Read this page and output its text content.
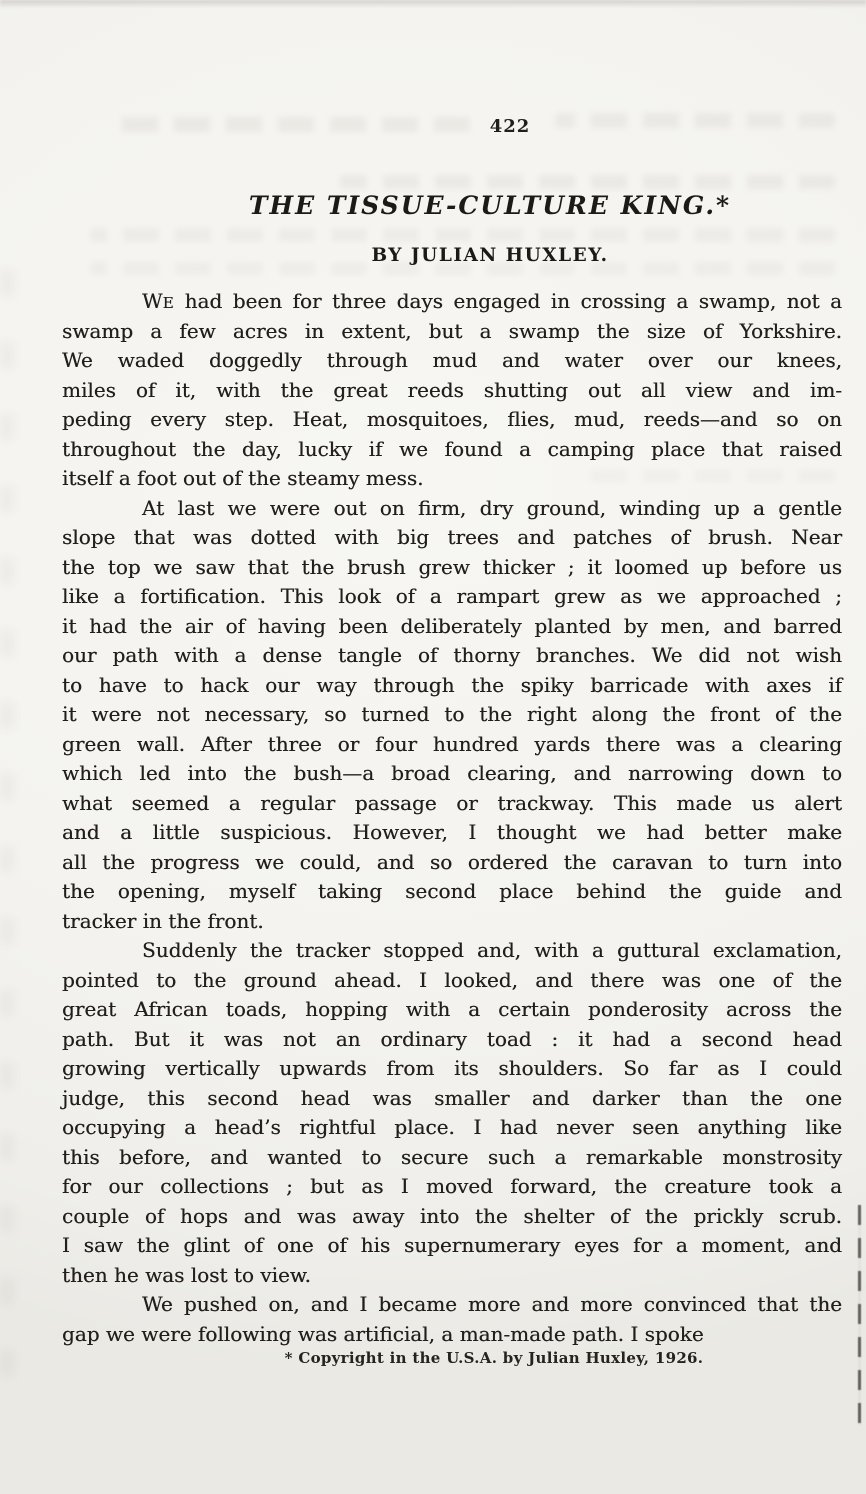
422
THE TISSUE-CULTURE KING.*
BY JULIAN HUXLEY.
WE had been for three days engaged in crossing a swamp, not a
swamp a few acres in extent, but a swamp the size of Yorkshire.
We waded doggedly through mud and water over our knees,
miles of it, with the great reeds shutting out all view and im-
peding every step. Heat, mosquitoes, flies, mud, reeds—and so on
throughout the day, lucky if we found a camping place that raised
itself a foot out of the steamy mess.
At last we were out on firm, dry ground, winding up a gentle
slope that was dotted with big trees and patches of brush. Near
the top we saw that the brush grew thicker ; it loomed up before us
like a fortification. This look of a rampart grew as we approached ;
it had the air of having been deliberately planted by men, and barred
our path with a dense tangle of thorny branches. We did not wish
to have to hack our way through the spiky barricade with axes if
it were not necessary, so turned to the right along the front of the
green wall. After three or four hundred yards there was a clearing
which led into the bush—a broad clearing, and narrowing down to
what seemed a regular passage or trackway. This made us alert
and a little suspicious. However, I thought we had better make
all the progress we could, and so ordered the caravan to turn into
the opening, myself taking second place behind the guide and
tracker in the front.
Suddenly the tracker stopped and, with a guttural exclamation,
pointed to the ground ahead. I looked, and there was one of the
great African toads, hopping with a certain ponderosity across the
path. But it was not an ordinary toad : it had a second head
growing vertically upwards from its shoulders. So far as I could
judge, this second head was smaller and darker than the one
occupying a head’s rightful place. I had never seen anything like
this before, and wanted to secure such a remarkable monstrosity
for our collections ; but as I moved forward, the creature took a
couple of hops and was away into the shelter of the prickly scrub.
I saw the glint of one of his supernumerary eyes for a moment, and
then he was lost to view.
We pushed on, and I became more and more convinced that the
gap we were following was artificial, a man-made path. I spoke
* Copyright in the U.S.A. by Julian Huxley, 1926.
